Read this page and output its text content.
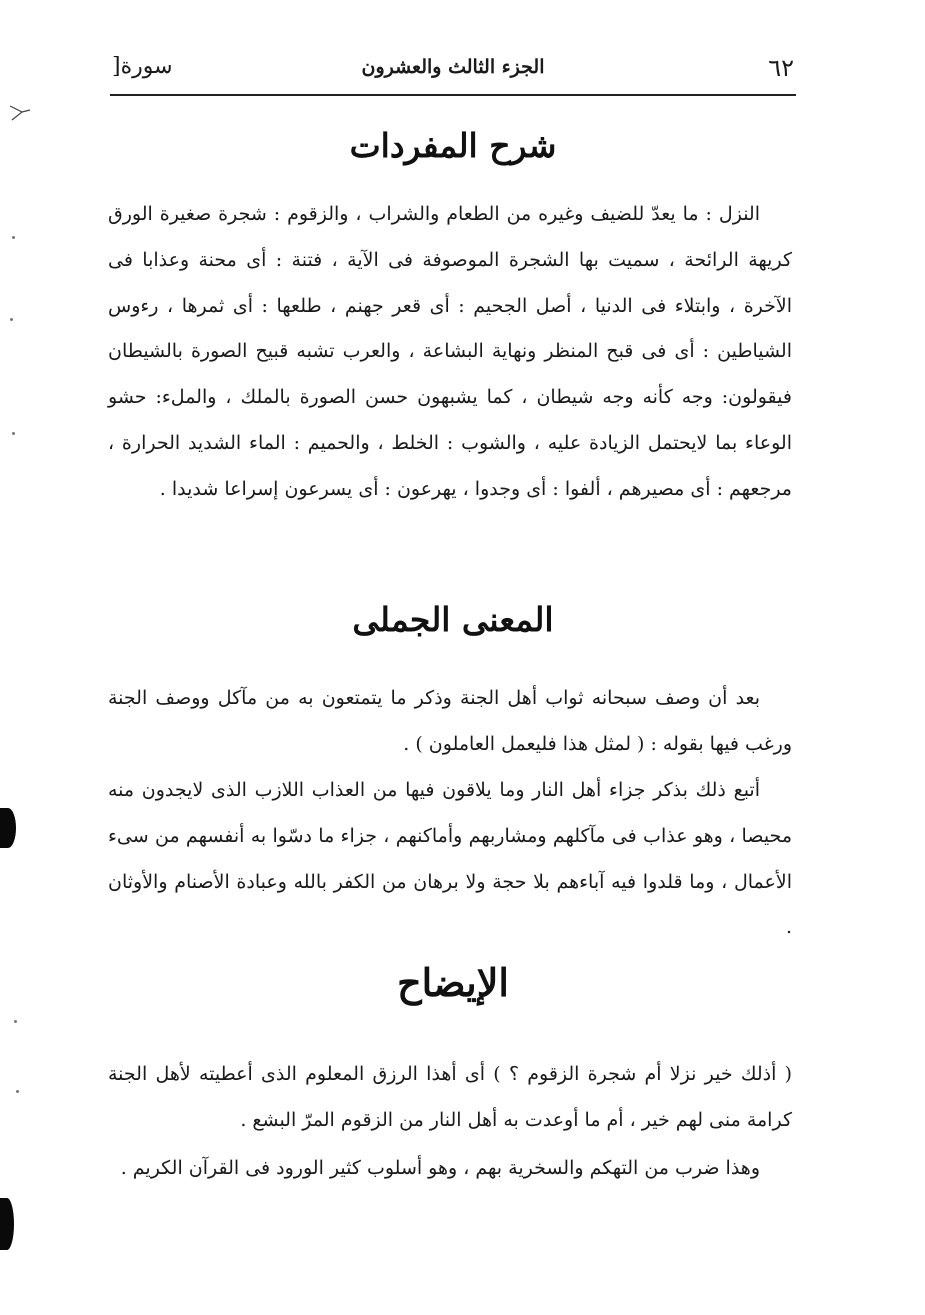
٦٢
الجزء الثالث والعشرون
سورة[
شرح المفردات
النزل : ما يعدّ للضيف وغيره من الطعام والشراب ، والزقوم : شجرة صغيرة الورق كريهة الرائحة ، سميت بها الشجرة الموصوفة فى الآية ، فتنة : أى محنة وعذابا فى الآخرة ، وابتلاء فى الدنيا ، أصل الجحيم : أى قعر جهنم ، طلعها : أى ثمرها ، رءوس الشياطين : أى فى قبح المنظر ونهاية البشاعة ، والعرب تشبه قبيح الصورة بالشيطان فيقولون: وجه كأنه وجه شيطان ، كما يشبهون حسن الصورة بالملك ، والملء: حشو الوعاء بما لايحتمل الزيادة عليه ، والشوب : الخلط ، والحميم : الماء الشديد الحرارة ، مرجعهم : أى مصيرهم ، ألفوا : أى وجدوا ، يهرعون : أى يسرعون إسراعا شديدا .
المعنى الجملى
بعد أن وصف سبحانه ثواب أهل الجنة وذكر ما يتمتعون به من مآكل ووصف الجنة ورغب فيها بقوله : ( لمثل هذا فليعمل العاملون ) .
أتبع ذلك بذكر جزاء أهل النار وما يلاقون فيها من العذاب اللازب الذى لايجدون منه محيصا ، وهو عذاب فى مآكلهم ومشاربهم وأماكنهم ، جزاء ما دسّوا به أنفسهم من سىء الأعمال ، وما قلدوا فيه آباءهم بلا حجة ولا برهان من الكفر بالله وعبادة الأصنام والأوثان .
الإيضاح
( أذلك خير نزلا أم شجرة الزقوم ؟ ) أى أهذا الرزق المعلوم الذى أعطيته لأهل الجنة كرامة منى لهم خير ، أم ما أوعدت به أهل النار من الزقوم المرّ البشع .
وهذا ضرب من التهكم والسخرية بهم ، وهو أسلوب كثير الورود فى القرآن الكريم .
